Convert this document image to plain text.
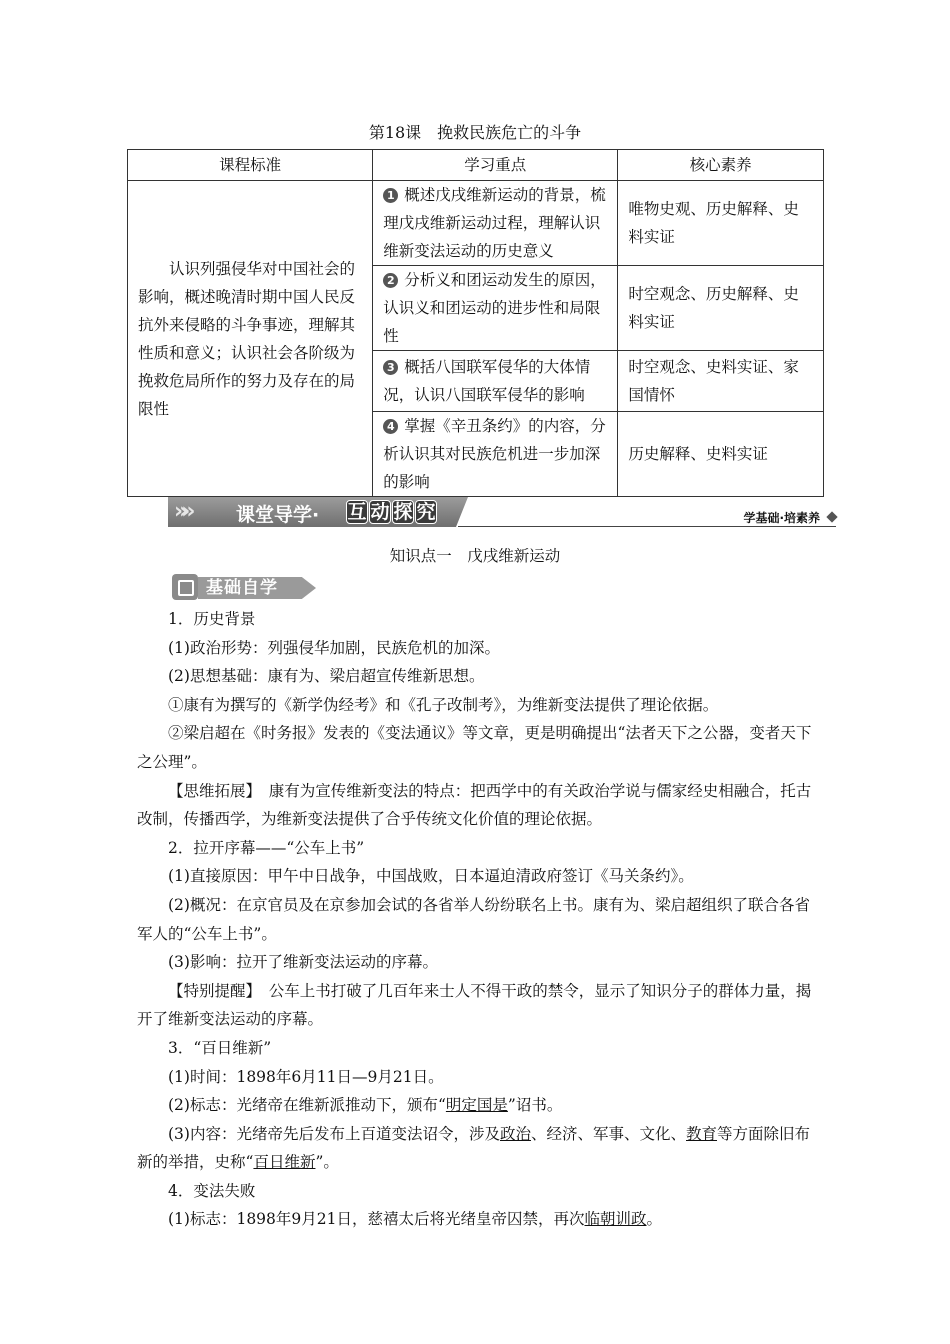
第18课　挽救民族危亡的斗争
课程标准	学习重点	核心素养
认识列强侵华对中国社会的影响，概述晚清时期中国人民反抗外来侵略的斗争事迹，理解其性质和意义；认识社会各阶级为挽救危局所作的努力及存在的局限性	1 概述戊戌维新运动的背景，梳理戊戌维新运动过程，理解认识维新变法运动的历史意义	唯物史观、历史解释、史料实证
	2 分析义和团运动发生的原因，认识义和团运动的进步性和局限性	时空观念、历史解释、史料实证
	3 概括八国联军侵华的大体情况，认识八国联军侵华的影响	时空观念、史料实证、家国情怀
	4 掌握《辛丑条约》的内容，分析认识其对民族危机进一步加深的影响	历史解释、史料实证
»»	课堂导学· 互 动 探 究	学基础·培素养
知识点一　戊戌维新运动
基础自学

1．历史背景

(1)政治形势：列强侵华加剧，民族危机的加深。

(2)思想基础：康有为、梁启超宣传维新思想。

①康有为撰写的《新学伪经考》和《孔子改制考》，为维新变法提供了理论依据。

②梁启超在《时务报》发表的《变法通议》等文章，更是明确提出“法者天下之公器，变者天下之公理”。

【思维拓展】　康有为宣传维新变法的特点：把西学中的有关政治学说与儒家经史相融合，托古改制，传播西学，为维新变法提供了合乎传统文化价值的理论依据。

2．拉开序幕——“公车上书”

(1)直接原因：甲午中日战争，中国战败，日本逼迫清政府签订《马关条约》。

(2)概况：在京官员及在京参加会试的各省举人纷纷联名上书。康有为、梁启超组织了联合各省军人的“公车上书”。

(3)影响：拉开了维新变法运动的序幕。

【特别提醒】　公车上书打破了几百年来士人不得干政的禁令，显示了知识分子的群体力量，揭开了维新变法运动的序幕。

3．“百日维新”

(1)时间：1898年6月11日—9月21日。

(2)标志：光绪帝在维新派推动下，颁布“明定国是”诏书。

(3)内容：光绪帝先后发布上百道变法诏令，涉及政治、经济、军事、文化、教育等方面除旧布新的举措，史称“百日维新”。

4．变法失败

(1)标志：1898年9月21日，慈禧太后将光绪皇帝囚禁，再次临朝训政。
